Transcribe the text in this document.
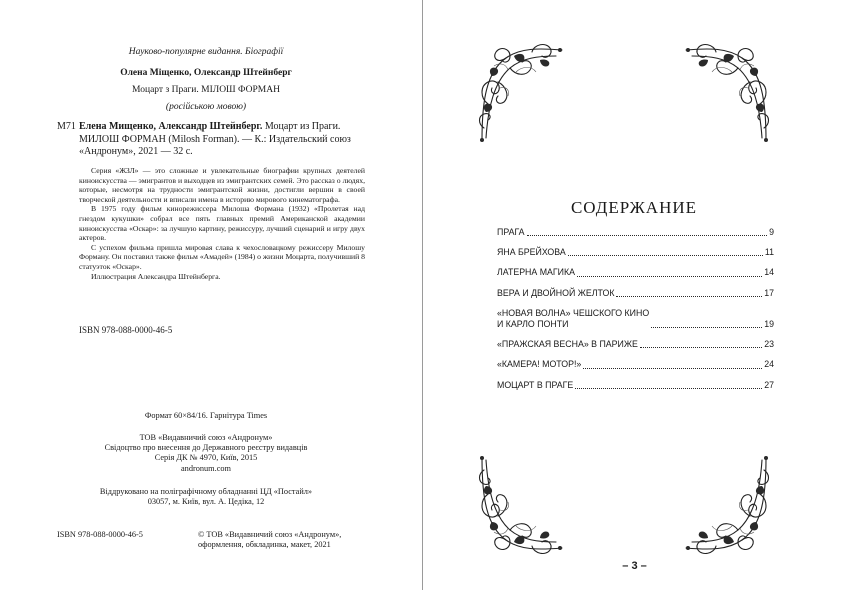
Науково-популярне видання. Біографії
Олена Міщенко, Олександр Штейнберг
Моцарт з Праги. МІЛОШ ФОРМАН
(російською мовою)
М71 Елена Мищенко, Александр Штейнберг. Моцарт из Праги. МИЛОШ ФОРМАН (Milosh Forman). — К.: Издательский союз «Андронум», 2021 — 32 с.

Серия «ЖЗЛ» — это сложные и увлекательные биографии крупных деятелей киноискусства — эмигрантов и выходцев из эмигрантских семей. Это рассказ о людях, которые, несмотря на трудности эмигрантской жизни, достигли вершин в своей творческой деятельности и вписали имена в историю мирового кинематографа.

В 1975 году фильм кинорежиссера Милоша Формана (1932) «Пролетая над гнездом кукушки» собрал все пять главных премий Американской академии киноискусства «Оскар»: за лучшую картину, режиссуру, лучший сценарий и игру двух актеров.

С успехом фильма пришла мировая слава к чехословацкому режиссеру Милошу Форману. Он поставил также фильм «Амадей» (1984) о жизни Моцарта, получивший 8 статуэток «Оскар».

Иллюстрация Александра Штейнберга.

ISBN 978-088-0000-46-5
Формат 60×84/16. Гарнітура Times
ТОВ «Видавничий союз «Андронум»
Свідоцтво про внесення до Державного реєстру видавців
Серія ДК № 4970, Київ, 2015
andronum.com
Віддруковано на поліграфічному обладнанні ЦД «Постайл»
03057, м. Київ, вул. А. Цедіка, 12
ISBN 978-088-0000-46-5	© ТОВ «Видавничий союз «Андронум», оформлення, обкладинка, макет, 2021
СОДЕРЖАНИЕ
ПРАГА	9
ЯНА БРЕЙХОВА	11
ЛАТЕРНА МАГИКА	14
ВЕРА И ДВОЙНОЙ ЖЕЛТОК	17
«НОВАЯ ВОЛНА» ЧЕШСКОГО КИНО
И КАРЛО ПОНТИ	19
«ПРАЖСКАЯ ВЕСНА» В ПАРИЖЕ	23
«КАМЕРА! МОТОР!»	24
МОЦАРТ В ПРАГЕ	27
– 3 –
